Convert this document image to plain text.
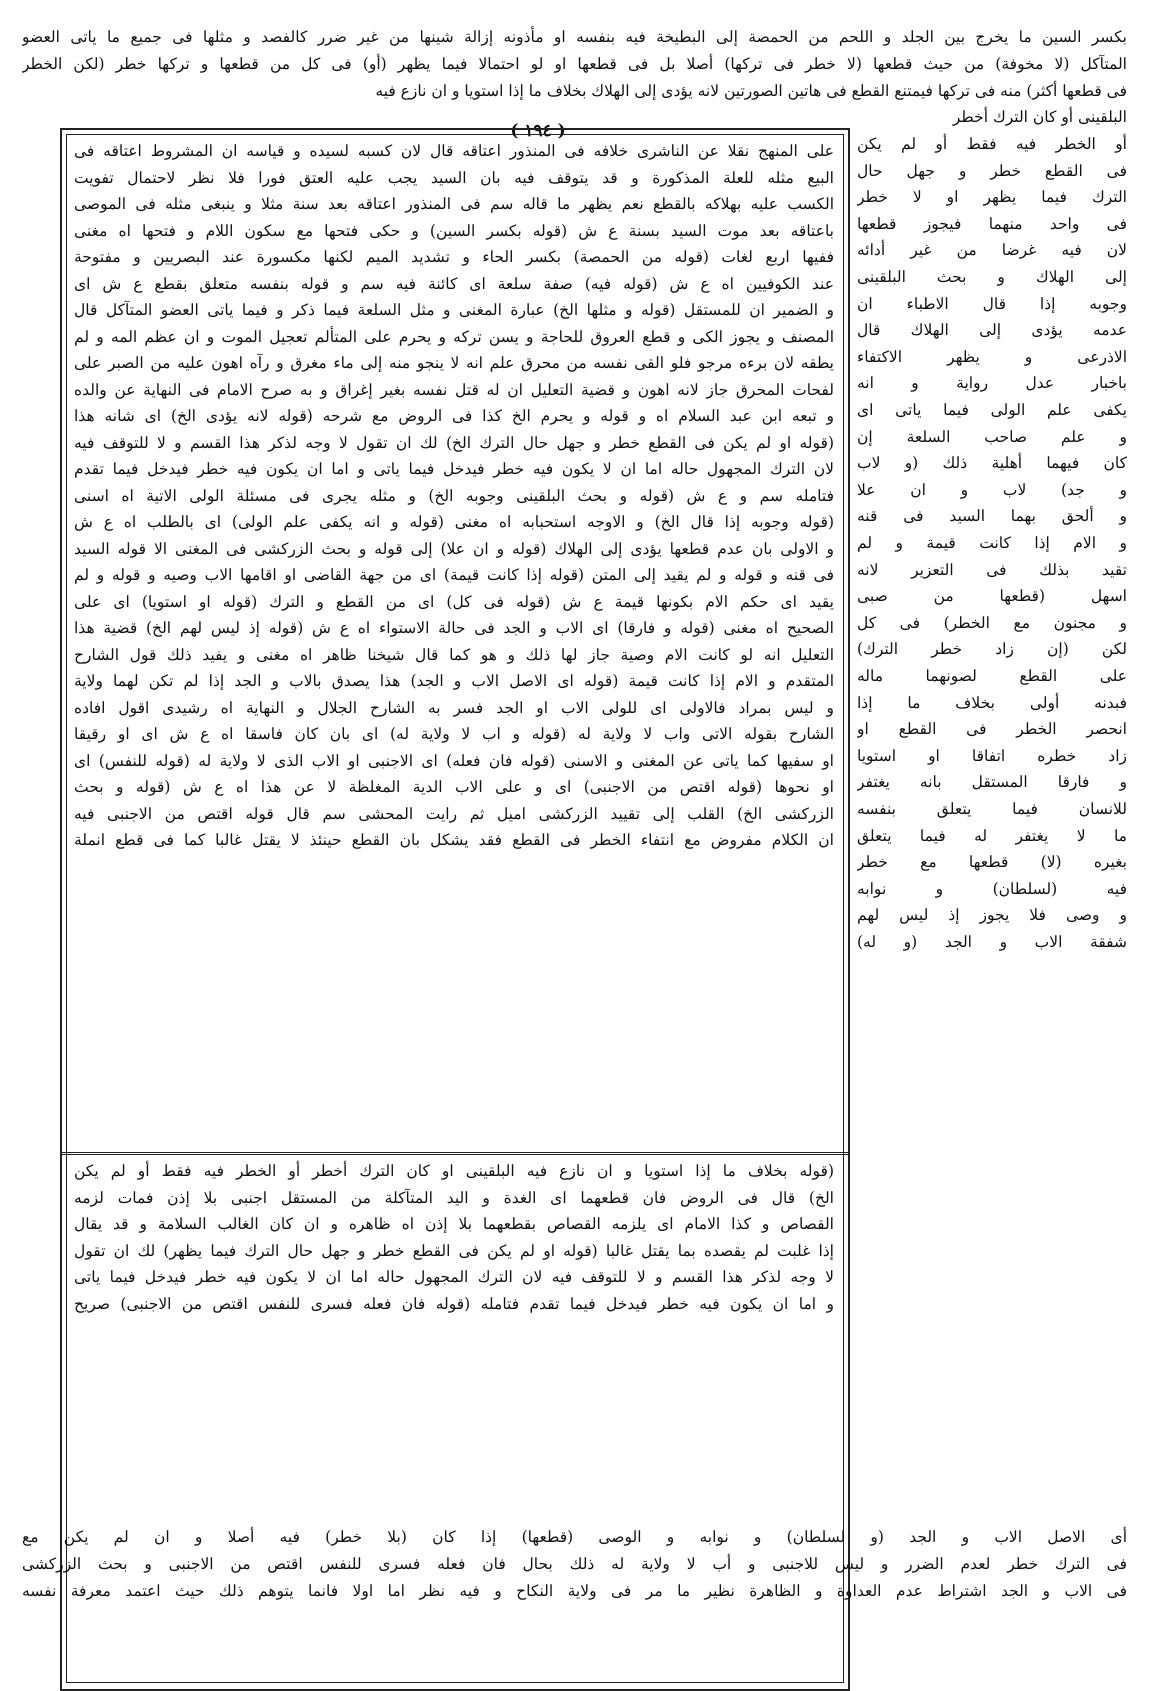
بكسر السين ما يخرج بين الجلد و اللحم من الحمصة إلى البطيخة فيه بنفسه او مأذونه إزالة شينها من غير ضرر كالفصد و مثلها فى جميع ما ياتى العضو
المتآكل (لا مخوفة) من حيث قطعها (لا خطر فى تركها) أصلا بل فى قطعها او لو احتمالا فيما يظهر (أو) فى كل من قطعها و تركها خطر (لكن الخطر
فى قطعها أكثر) منه فى تركها فيمتنع القطع فى هاتين الصورتين لانه يؤدى إلى الهلاك بخلاف ما إذا استويا و ان نازع فيه
( ١٩٤ )
البلقينى أو كان الترك أخطر
على المنهج نقلا عن الناشرى خلافه فى المنذور اعتاقه قال لان كسبه لسيده و قياسه ان المشروط اعتاقه فى
البيع مثله للعلة المذكورة و قد يتوقف فيه بان السيد يجب عليه العتق فورا فلا نظر لاحتمال تفويت
الكسب عليه بهلاكه بالقطع نعم يظهر ما قاله سم فى المنذور اعتاقه بعد سنة مثلا و ينبغى مثله فى الموصى
باعتاقه بعد موت السيد بسنة ع ش (قوله بكسر السين) و حكى فتحها مع سكون اللام و فتحها اه مغنى
ففيها اربع لغات (قوله من الحمصة) بكسر الحاء و تشديد الميم لكنها مكسورة عند البصريين و مفتوحة
عند الكوفيين اه ع ش (قوله فيه) صفة سلعة اى كائنة فيه سم و قوله بنفسه متعلق بقطع ع ش اى
و الضمير ان للمستقل (قوله و مثلها الخ) عبارة المغنى و مثل السلعة فيما ذكر و فيما ياتى العضو المتآكل قال
المصنف و يجوز الكى و قطع العروق للحاجة و يسن تركه و يحرم على المتألم تعجيل الموت و ان عظم المه و لم
يطقه لان برءه مرجو فلو القى نفسه من محرق علم انه لا ينجو منه إلى ماء مغرق و رآه اهون عليه من الصبر على
لفحات المحرق جاز لانه اهون و قضية التعليل ان له قتل نفسه بغير إغراق و به صرح الامام فى النهاية عن والده
و تبعه ابن عبد السلام اه و قوله و يحرم الخ كذا فى الروض مع شرحه (قوله لانه يؤدى الخ) اى شانه هذا
(قوله او لم يكن فى القطع خطر و جهل حال الترك الخ) لك ان تقول لا وجه لذكر هذا القسم و لا للتوقف فيه
لان الترك المجهول حاله اما ان لا يكون فيه خطر فيدخل فيما ياتى و اما ان يكون فيه خطر فيدخل فيما تقدم
فتامله سم و ع ش (قوله و بحث البلقينى وجوبه الخ) و مثله يجرى فى مسئلة الولى الاتية اه اسنى
(قوله وجوبه إذا قال الخ) و الاوجه استحبابه اه مغنى (قوله و انه يكفى علم الولى) اى بالطلب اه ع ش
و الاولى بان عدم قطعها يؤدى إلى الهلاك (قوله و ان علا) إلى قوله و بحث الزركشى فى المغنى الا قوله السيد
فى قنه و قوله و لم يقيد إلى المتن (قوله إذا كانت قيمة) اى من جهة القاضى او اقامها الاب وصيه و قوله و لم
يقيد اى حكم الام بكونها قيمة ع ش (قوله فى كل) اى من القطع و الترك (قوله او استويا) اى على
الصحيح اه مغنى (قوله و فارقا) اى الاب و الجد فى حالة الاستواء اه ع ش (قوله إذ ليس لهم الخ) قضية هذا
التعليل انه لو كانت الام وصية جاز لها ذلك و هو كما قال شيخنا ظاهر اه مغنى و يفيد ذلك قول الشارح
المتقدم و الام إذا كانت قيمة (قوله اى الاصل الاب و الجد) هذا يصدق بالاب و الجد إذا لم تكن لهما ولاية
و ليس بمراد فالاولى اى للولى الاب او الجد فسر به الشارح الجلال و النهاية اه رشيدى اقول افاده
الشارح بقوله الاتى واب لا ولاية له (قوله و اب لا ولاية له) اى بان كان فاسقا اه ع ش اى او رقيقا
او سفيها كما ياتى عن المغنى و الاسنى (قوله فان فعله) اى الاجنبى او الاب الذى لا ولاية له (قوله للنفس) اى
او نحوها (قوله اقتص من الاجنبى) اى و على الاب الدية المغلظة لا عن هذا اه ع ش (قوله و بحث
الزركشى الخ) القلب إلى تقييد الزركشى اميل ثم رايت المحشى سم قال قوله اقتص من الاجنبى فيه
ان الكلام مفروض مع انتفاء الخطر فى القطع فقد يشكل بان القطع حينئذ لا يقتل غالبا كما فى قطع انملة
(قوله بخلاف ما إذا استويا و ان نازع فيه البلقينى او كان الترك أخطر أو الخطر فيه فقط أو لم يكن
الخ) قال فى الروض فان قطعهما اى الغدة و اليد المتآكلة من المستقل اجنبى بلا إذن فمات لزمه
القصاص و كذا الامام اى يلزمه القصاص بقطعهما بلا إذن اه ظاهره و ان كان الغالب السلامة و قد يقال
إذا غلبت لم يقصده بما يقتل غالبا (قوله او لم يكن فى القطع خطر و جهل حال الترك فيما يظهر) لك ان تقول
لا وجه لذكر هذا القسم و لا للتوقف فيه لان الترك المجهول حاله اما ان لا يكون فيه خطر فيدخل فيما ياتى
و اما ان يكون فيه خطر فيدخل فيما تقدم فتامله (قوله فان فعله فسرى للنفس اقتص من الاجنبى) صريح
أو الخطر فيه فقط أو لم يكن
فى القطع خطر و جهل حال
الترك فيما يظهر او لا خطر
فى واحد منهما فيجوز قطعها
لان فيه غرضا من غير أدائه
إلى الهلاك و بحث البلقينى
وجوبه إذا قال الاطباء ان
عدمه يؤدى إلى الهلاك قال
الاذرعى و يظهر الاكتفاء
باخبار عدل رواية و انه
يكفى علم الولى فيما ياتى اى
و علم صاحب السلعة إن
كان فيهما أهلية ذلك (و لاب
و جد) لاب و ان علا
و ألحق بهما السيد فى قنه
و الام إذا كانت قيمة و لم
تقيد بذلك فى التعزير لانه
اسهل (قطعها من صبى
و مجنون مع الخطر) فى كل
لكن (إن زاد خطر الترك)
على القطع لصونهما ماله
فبدنه أولى بخلاف ما إذا
انحصر الخطر فى القطع او
زاد خطره اتفاقا او استويا
و فارقا المستقل بانه يغتفر
للانسان فيما يتعلق بنفسه
ما لا يغتفر له فيما يتعلق
بغيره (لا) قطعها مع خطر
فيه (لسلطان) و نوابه
و وصى فلا يجوز إذ ليس لهم
شفقة الاب و الجد (و له)
أى الاصل الاب و الجد (و لسلطان) و نوابه و الوصى (قطعها) إذا كان (بلا خطر) فيه أصلا و ان لم يكن مع
فى الترك خطر لعدم الضرر و ليس للاجنبى و أب لا ولاية له ذلك بحال فان فعله فسرى للنفس اقتص من الاجنبى و بحث الزركشى
فى الاب و الجد اشتراط عدم العداوة و الظاهرة نظير ما مر فى ولاية النكاح و فيه نظر اما اولا فانما يتوهم ذلك حيث اعتمد معرفة نفسه
